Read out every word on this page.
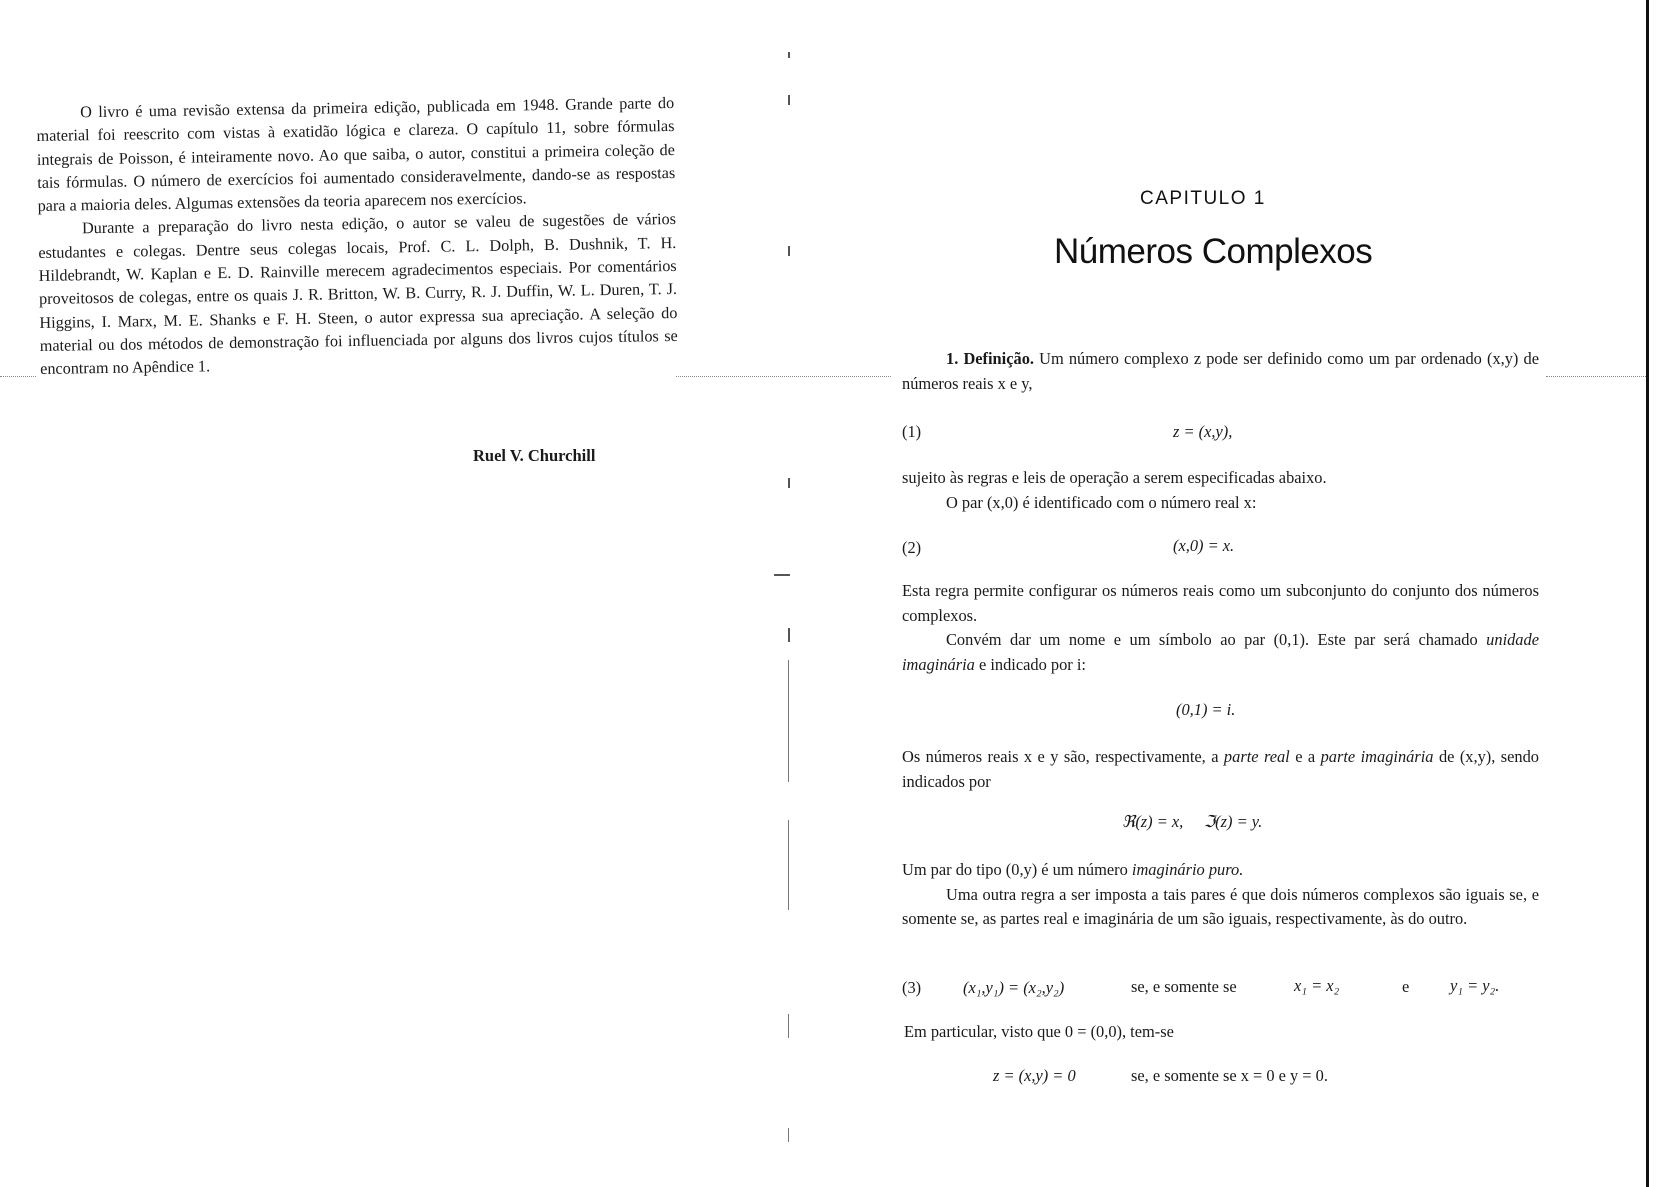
O livro é uma revisão extensa da primeira edição, publicada em 1948. Grande parte do material foi reescrito com vistas à exatidão lógica e clareza. O capítulo 11, sobre fórmulas integrais de Poisson, é inteiramente novo. Ao que saiba, o autor, constitui a primeira coleção de tais fórmulas. O número de exercícios foi aumentado consideravelmente, dando-se as respostas para a maioria deles. Algumas extensões da teoria aparecem nos exercícios.

Durante a preparação do livro nesta edição, o autor se valeu de sugestões de vários estudantes e colegas. Dentre seus colegas locais, Prof. C. L. Dolph, B. Dushnik, T. H. Hildebrandt, W. Kaplan e E. D. Rainville merecem agradecimentos especiais. Por comentários proveitosos de colegas, entre os quais J. R. Britton, W. B. Curry, R. J. Duffin, W. L. Duren, T. J. Higgins, I. Marx, M. E. Shanks e F. H. Steen, o autor expressa sua apreciação. A seleção do material ou dos métodos de demonstração foi influenciada por alguns dos livros cujos títulos se encontram no Apêndice 1.

Ruel V. Churchill
CAPITULO 1
Números Complexos

1. Definição. Um número complexo z pode ser definido como um par ordenado (x,y) de números reais x e y,

(1)	z = (x,y),

sujeito às regras e leis de operação a serem especificadas abaixo.

O par (x,0) é identificado com o número real x:

(2)	(x,0) = x.

Esta regra permite configurar os números reais como um subconjunto do conjunto dos números complexos.

Convém dar um nome e um símbolo ao par (0,1). Este par será chamado unidade imaginária e indicado por i:

(0,1) = i.

Os números reais x e y são, respectivamente, a parte real e a parte imaginária de (x,y), sendo indicados por

ℜ(z) = x,     ℑ(z) = y.

Um par do tipo (0,y) é um número imaginário puro.

Uma outra regra a ser imposta a tais pares é que dois números complexos são iguais se, e somente se, as partes real e imaginária de um são iguais, respectivamente, às do outro.

(3)	(x₁,y₁) = (x₂,y₂)	se, e somente se	x₁ = x₂	e y₁ = y₂.
Em particular, visto que 0 = (0,0), tem-se
z = (x,y) = 0	se, e somente se x = 0 e y = 0.
